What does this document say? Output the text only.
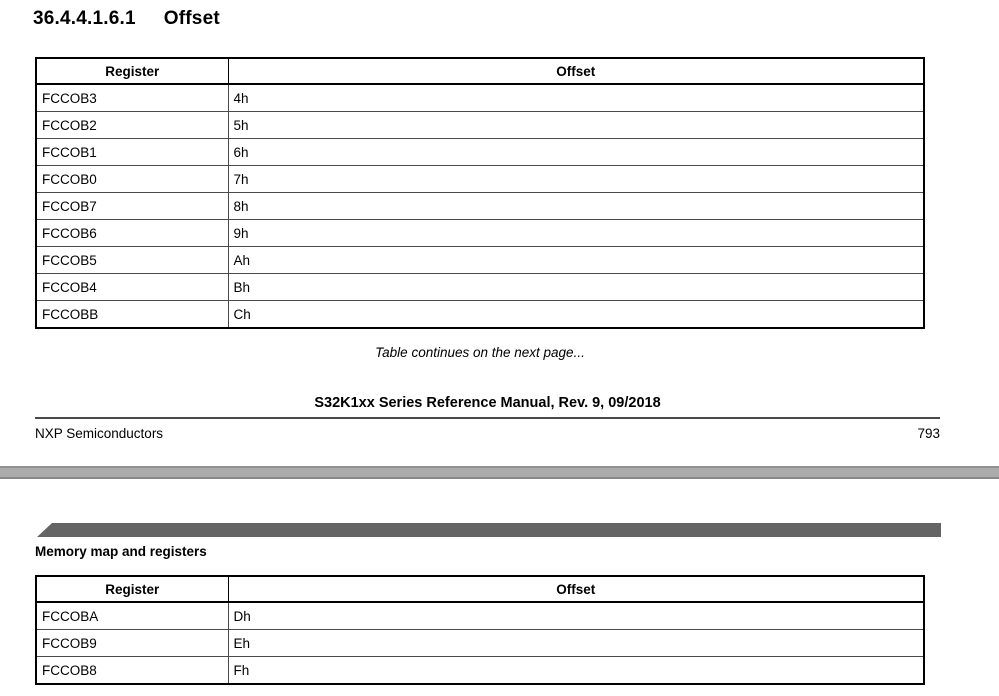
36.4.4.1.6.1 Offset
Register	Offset
FCCOB3	4h
FCCOB2	5h
FCCOB1	6h
FCCOB0	7h
FCCOB7	8h
FCCOB6	9h
FCCOB5	Ah
FCCOB4	Bh
FCCOBB	Ch
Table continues on the next page...
S32K1xx Series Reference Manual, Rev. 9, 09/2018
NXP Semiconductors	793
Memory map and registers
Register	Offset
FCCOBA	Dh
FCCOB9	Eh
FCCOB8	Fh
